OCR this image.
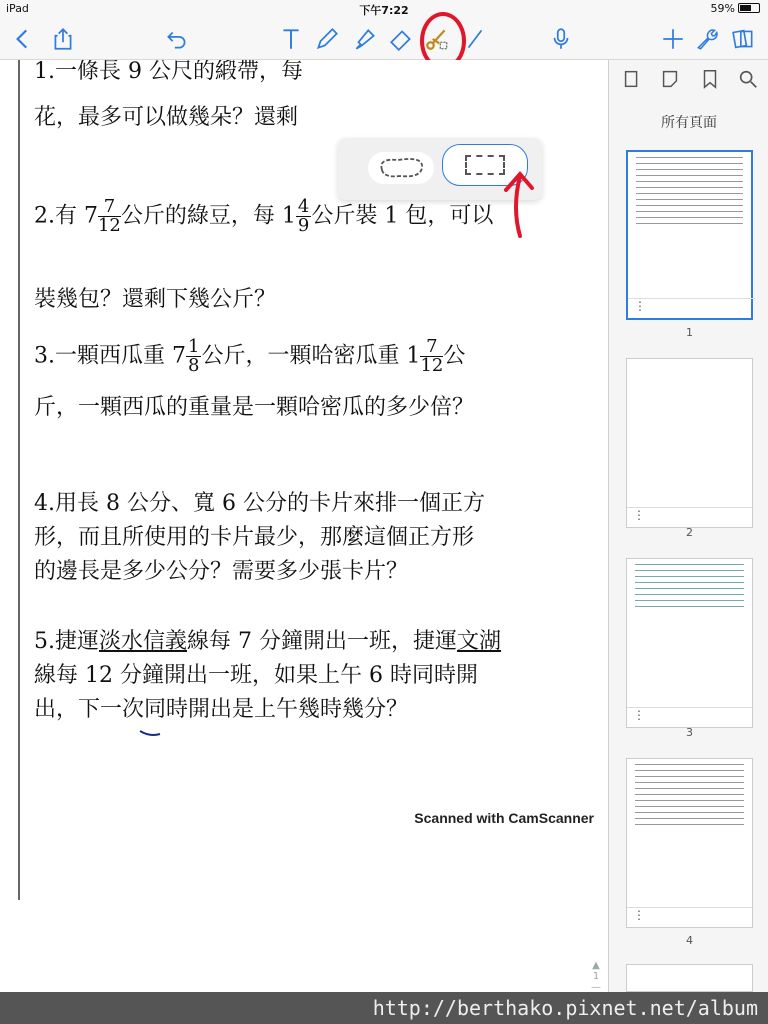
iPad	下午7:22	59%
1.一條長 9 公尺的緞帶，每
花，最多可以做幾朵？還剩
2.有 $7 \frac{7}{12}$ 公斤的綠豆，每 $1 \frac{4}{9}$ 公斤裝 1 包，可以
裝幾包？還剩下幾公斤？
3.一顆西瓜重 $7 \frac{1}{8}$ 公斤，一顆哈密瓜重 $1 \frac{7}{12}$ 公
斤，一顆西瓜的重量是一顆哈密瓜的多少倍？
4.用長 8 公分、寬 6 公分的卡片來排一個正方
形，而且所使用的卡片最少，那麼這個正方形
的邊長是多少公分？需要多少張卡片？
5.捷運淡水信義線每 7 分鐘開出一班，捷運文湖
線每 12 分鐘開出一班，如果上午 6 時同時開
出，下一次同時開出是上午幾時幾分？
Scanned with CamScanner
▲
1
—

所有頁面
⋮
1
⋮
2
⋮
3
⋮
4
http://berthako.pixnet.net/album
